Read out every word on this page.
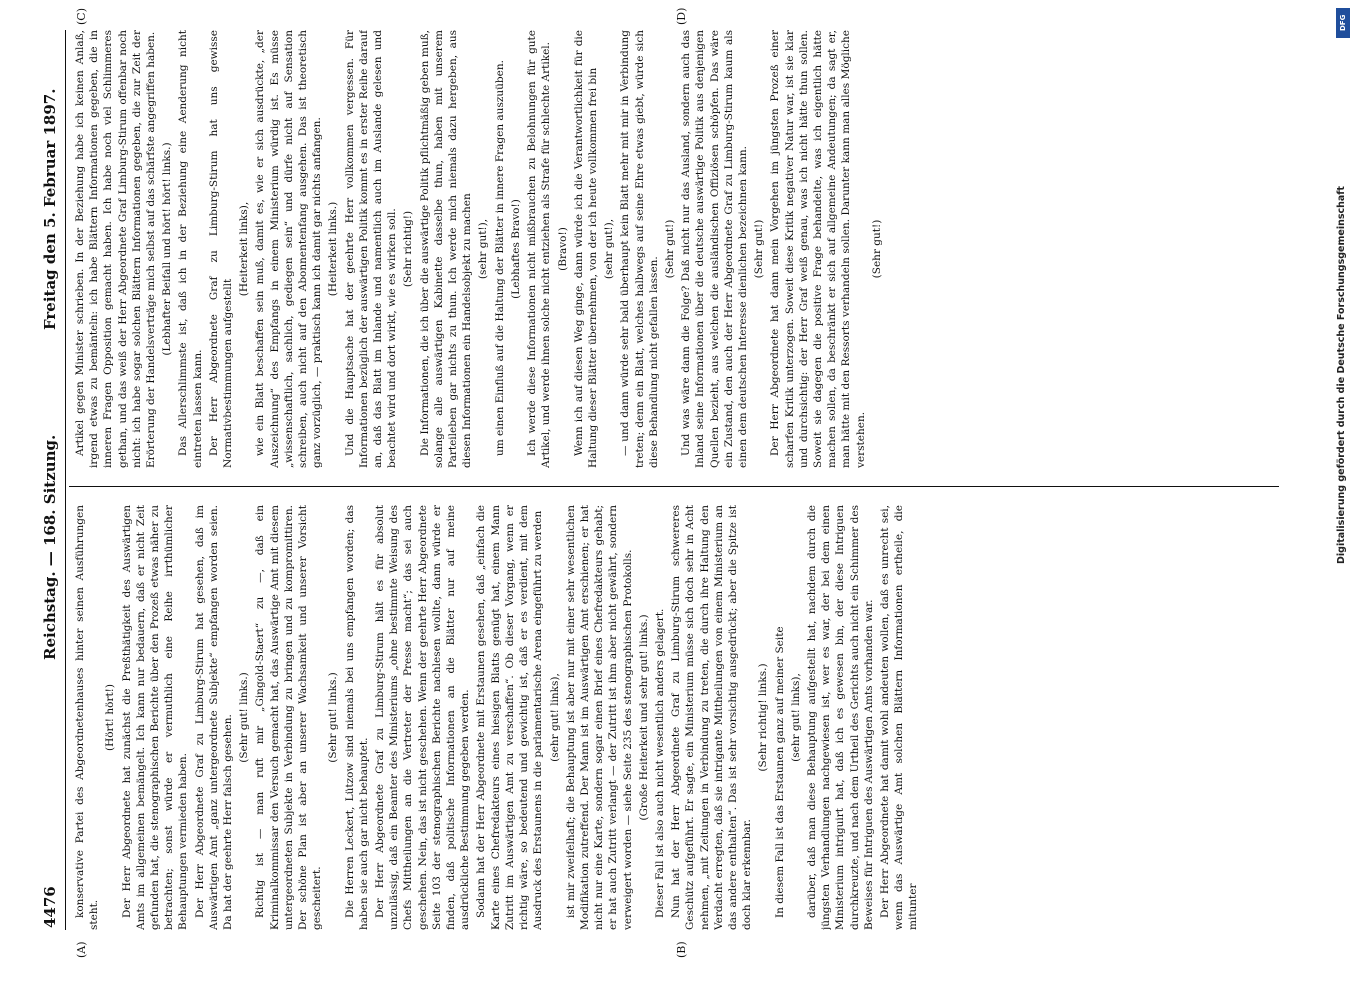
4476
Reichstag. — 168. Sitzung.
Freitag den 5. Februar 1897.

konservative Partei des Abgeordnetenhauses hinter seinen Ausführungen steht.

(Hört! hört!) Der Herr Abgeordnete hat zunächst die Preßthätigkeit des Auswärtigen Amts im allgemeinen bemängelt. Ich kann nur bedauern, daß er nicht Zeit gefunden hat, die stenographischen Berichte über den Prozeß etwas näher zu betrachten; sonst würde er vermuthlich eine Reihe irrthümlicher Behauptungen vermieden haben. Der Herr Abgeordnete Graf zu Limburg-Stirum hat gesehen, daß im Auswärtigen Amt „ganz untergeordnete Subjekte“ empfangen worden seien. Da hat der geehrte Herr falsch gesehen. (Sehr gut! links.) Richtig ist — man ruft mir „Gingold-Staert“ zu —, daß ein Kriminalkommissar den Versuch gemacht hat, das Auswärtige Amt mit diesem untergeordneten Subjekte in Verbindung zu bringen und zu kompromittiren. Der schöne Plan ist aber an unserer Wachsamkeit und unserer Vorsicht gescheitert.

(Sehr gut! links.) Die Herren Leckert, Lützow sind niemals bei uns empfangen worden; das haben sie auch gar nicht behauptet. Der Herr Abgeordnete Graf zu Limburg-Stirum hält es für absolut unzulässig, daß ein Beamter des Ministeriums „ohne bestimmte Weisung des Chefs Mittheilungen an die Vertreter der Presse macht“; das sei auch geschehen. Nein, das ist nicht geschehen. Wenn der geehrte Herr Abgeordnete Seite 103 der stenographischen Berichte nachlesen wollte, dann würde er finden, daß politische Informationen an die Blätter nur auf meine ausdrückliche Bestimmung gegeben werden. Sodann hat der Herr Abgeordnete mit Erstaunen gesehen, daß „einfach die Karte eines Chefredakteurs eines hiesigen Blatts genügt hat, einem Mann Zutritt im Auswärtigen Amt zu verschaffen“. Ob dieser Vorgang, wenn er richtig wäre, so bedeutend und gewichtig ist, daß er es verdient, mit dem Ausdruck des Erstaunens in die parlamentarische Arena eingeführt zu werden (sehr gut! links), ist mir zweifelhaft; die Behauptung ist aber nur mit einer sehr wesentlichen Modifikation zutreffend. Der Mann ist im Auswärtigen Amt erschienen; er hat nicht nur eine Karte, sondern sogar einen Brief eines Chefredakteurs gehabt; er hat auch Zutritt verlangt — der Zutritt ist ihm aber nicht gewährt, sondern verweigert worden — siehe Seite 235 des stenographischen Protokolls. (Große Heiterkeit und sehr gut! links.) Dieser Fall ist also auch nicht wesentlich anders gelagert. Nun hat der Herr Abgeordnete Graf zu Limburg-Stirum schwereres Geschütz aufgeführt. Er sagte, ein Ministerium müsse sich doch sehr in Acht nehmen, „mit Zeitungen in Verbindung zu treten, die durch ihre Haltung den Verdacht erregten, daß sie intrigante Mittheilungen von einem Ministerium an das andere enthalten“. Das ist sehr vorsichtig ausgedrückt; aber die Spitze ist doch klar erkennbar.

(Sehr richtig! links.) In diesem Fall ist das Erstaunen ganz auf meiner Seite (sehr gut! links), darüber, daß man diese Behauptung aufgestellt hat, nachdem durch die jüngsten Verhandlungen nachgewiesen ist, wer es war, der bei dem einen Ministerium intriguirt hat, daß ich es gewesen bin, der diese Intriguen durchkreuzte, und nach dem Urtheil des Gerichts auch nicht ein Schimmer des Beweises für Intriguen des Auswärtigen Amts vorhanden war. Der Herr Abgeordnete hat damit wohl andeuten wollen, daß es unrecht sei, wenn das Auswärtige Amt solchen Blättern Informationen ertheile, die mitunter

Artikel gegen Minister schrieben. In der Beziehung habe ich keinen Anlaß, irgend etwas zu bemänteln: ich habe Blättern Informationen gegeben, die in inneren Fragen Opposition gemacht haben. Ich habe noch viel Schlimmeres gethan, und das weiß der Herr Abgeordnete Graf Limburg-Stirum offenbar noch nicht: ich habe sogar solchen Blättern Informationen gegeben, die zur Zeit der Erörterung der Handelsverträge mich selbst auf das schärfste angegriffen haben. (Lebhafter Beifall und hört! hört! links.) Das Allerschlimmste ist, daß ich in der Beziehung eine Aenderung nicht eintreten lassen kann. Der Herr Abgeordnete Graf zu Limburg-Stirum hat uns gewisse Normativbestimmungen aufgestellt

(Heiterkeit links), wie ein Blatt beschaffen sein muß, damit es, wie er sich ausdrückte, „der Auszeichnung“ des Empfangs in einem Ministerium würdig ist. Es müsse „wissenschaftlich, sachlich, gediegen sein“ und dürfe nicht auf Sensation schreiben, auch nicht auf den Abonnentenfang ausgehen. Das ist theoretisch ganz vorzüglich, — praktisch kann ich damit gar nichts anfangen. (Heiterkeit links.) Und die Hauptsache hat der geehrte Herr vollkommen vergessen. Für Informationen bezüglich der auswärtigen Politik kommt es in erster Reihe darauf an, daß das Blatt im Inlande und namentlich auch im Auslande gelesen und beachtet wird und dort wirkt, wie es wirken soll. (Sehr richtig!) Die Informationen, die ich über die auswärtige Politik pflichtmäßig geben muß, solange alle auswärtigen Kabinette dasselbe thun, haben mit unserem Parteileben gar nichts zu thun. Ich werde mich niemals dazu hergeben, aus diesen Informationen ein Handelsobjekt zu machen (sehr gut!), um einen Einfluß auf die Haltung der Blätter in innere Fragen auszuüben. (Lebhaftes Bravo!) Ich werde diese Informationen nicht mißbrauchen zu Belohnungen für gute Artikel, und werde ihnen solche nicht entziehen als Strafe für schlechte Artikel. (Bravo!) Wenn ich auf diesen Weg ginge, dann würde ich die Verantwortlichkeit für die Haltung dieser Blätter übernehmen, von der ich heute vollkommen frei bin (sehr gut!), — und dann würde sehr bald überhaupt kein Blatt mehr mit mir in Verbindung treten; denn ein Blatt, welches halbwegs auf seine Ehre etwas giebt, würde sich diese Behandlung nicht gefallen lassen.

(Sehr gut!) Und was wäre dann die Folge? Daß nicht nur das Ausland, sondern auch das Inland seine Informationen über die deutsche auswärtige Politik aus denjenigen Quellen bezieht, aus welchen die ausländischen Offiziösen schöpfen. Das wäre ein Zustand, den auch der Herr Abgeordnete Graf zu Limburg-Stirum kaum als einen dem deutschen Interesse dienlichen bezeichnen kann. (Sehr gut!) Der Herr Abgeordnete hat dann mein Vorgehen im jüngsten Prozeß einer scharfen Kritik unterzogen. Soweit diese Kritik negativer Natur war, ist sie klar und durchsichtig: der Herr Graf weiß genau, was ich nicht hätte thun sollen. Soweit sie dagegen die positive Frage behandelte, was ich eigentlich hätte machen sollen, da beschränkt er sich auf allgemeine Andeutungen; da sagt er, man hätte mit den Ressorts verhandeln sollen. Darunter kann man alles Mögliche verstehen.

(Sehr gut!)

(A)	(B)
(C)	(D)	DFG
Digitalisierung gefördert durch die Deutsche Forschungsgemeinschaft
